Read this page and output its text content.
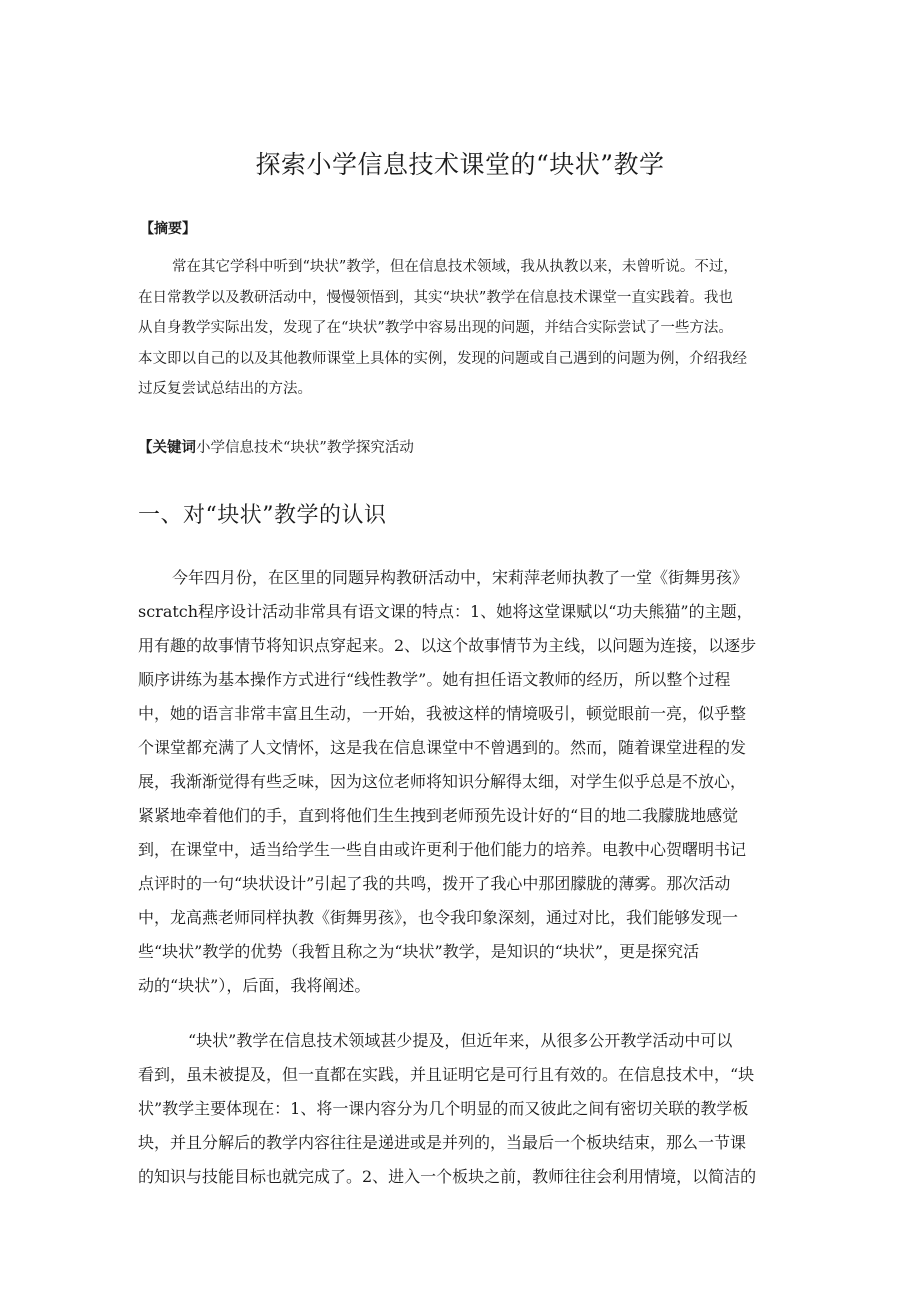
探索小学信息技术课堂的“块状”教学
【摘要】
常在其它学科中听到“块状”教学，但在信息技术领域，我从执教以来，未曾听说。不过，
在日常教学以及教研活动中，慢慢领悟到，其实“块状”教学在信息技术课堂一直实践着。我也
从自身教学实际出发，发现了在“块状”教学中容易出现的问题，并结合实际尝试了一些方法。
本文即以自己的以及其他教师课堂上具体的实例，发现的问题或自己遇到的问题为例，介绍我经
过反复尝试总结出的方法。
【关键词小学信息技术“块状”教学探究活动
一、对“块状”教学的认识
今年四月份，在区里的同题异构教研活动中，宋莉萍老师执教了一堂《街舞男孩》
scratch程序设计活动非常具有语文课的特点：1、她将这堂课赋以“功夫熊猫”的主题，
用有趣的故事情节将知识点穿起来。2、以这个故事情节为主线，以问题为连接，以逐步
顺序讲练为基本操作方式进行“线性教学”。她有担任语文教师的经历，所以整个过程
中，她的语言非常丰富且生动，一开始，我被这样的情境吸引，顿觉眼前一亮，似乎整
个课堂都充满了人文情怀，这是我在信息课堂中不曾遇到的。然而，随着课堂进程的发
展，我渐渐觉得有些乏味，因为这位老师将知识分解得太细，对学生似乎总是不放心，
紧紧地牵着他们的手，直到将他们生生拽到老师预先设计好的“目的地二我朦胧地感觉
到，在课堂中，适当给学生一些自由或许更利于他们能力的培养。电教中心贺曙明书记
点评时的一句“块状设计”引起了我的共鸣，拨开了我心中那团朦胧的薄雾。那次活动
中，龙高燕老师同样执教《街舞男孩》，也令我印象深刻，通过对比，我们能够发现一
些“块状”教学的优势（我暂且称之为“块状”教学，是知识的“块状”，更是探究活
动的“块状”），后面，我将阐述。
“块状”教学在信息技术领域甚少提及，但近年来，从很多公开教学活动中可以
看到，虽未被提及，但一直都在实践，并且证明它是可行且有效的。在信息技术中，“块
状”教学主要体现在：1、将一课内容分为几个明显的而又彼此之间有密切关联的教学板
块，并且分解后的教学内容往往是递进或是并列的，当最后一个板块结束，那么一节课
的知识与技能目标也就完成了。2、进入一个板块之前，教师往往会利用情境，以简洁的
